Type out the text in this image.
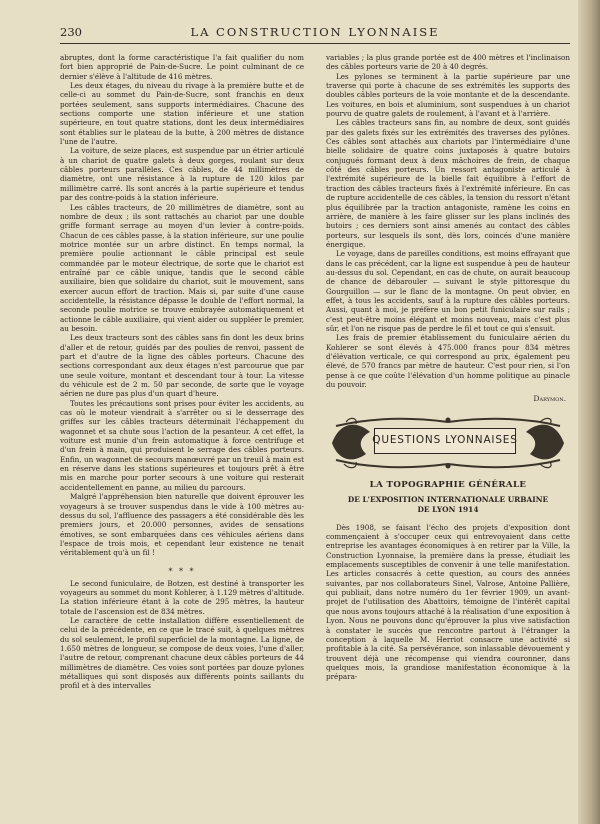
230	LA CONSTRUCTION LYONNAISE

abruptes, dont la forme caractéristique l'a fait qualifier du nom fort bien approprié de Pain-de-Sucre. Le point culminant de ce dernier s'élève à l'altitude de 416 mètres.

Les deux étages, du niveau du rivage à la première butte et de celle-ci au sommet du Pain-de-Sucre, sont franchis en deux portées seulement, sans supports intermédiaires. Chacune des sections comporte une station inférieure et une station supérieure, en tout quatre stations, dont les deux intermédiaires sont établies sur le plateau de la butte, à 200 mètres de distance l'une de l'autre.

La voiture, de seize places, est suspendue par un étrier articulé à un chariot de quatre galets à deux gorges, roulant sur deux câbles porteurs parallèles. Ces câbles, de 44 millimètres de diamètre, ont une résistance à la rupture de 120 kilos par millimètre carré. Ils sont ancrés à la partie supérieure et tendus par des contre-poids à la station inférieure.

Les câbles tracteurs, de 20 millimètres de diamètre, sont au nombre de deux ; ils sont rattachés au chariot par une double griffe formant serrage au moyen d'un levier à contre-poids. Chacun de ces câbles passe, à la station inférieure, sur une poulie motrice montée sur un arbre distinct. En temps normal, la première poulie actionnant le câble principal est seule commandée par le moteur électrique, de sorte que le chariot est entraîné par ce câble unique, tandis que le second câble auxiliaire, bien que solidaire du chariot, suit le mouvement, sans exercer aucun effort de traction. Mais si, par suite d'une cause accidentelle, la résistance dépasse le double de l'effort normal, la seconde poulie motrice se trouve embrayée automatiquement et actionne le câble auxiliaire, qui vient aider ou suppléer le premier, au besoin.

Les deux tracteurs sont des câbles sans fin dont les deux brins d'aller et de retour, guidés par des poulies de renvoi, passent de part et d'autre de la ligne des câbles porteurs. Chacune des sections correspondant aux deux étages n'est parcourue que par une seule voiture, montant et descendant tour à tour. La vitesse du véhicule est de 2 m. 50 par seconde, de sorte que le voyage aérien ne dure pas plus d'un quart d'heure.

Toutes les précautions sont prises pour éviter les accidents, au cas où le moteur viendrait à s'arrêter ou si le desserrage des griffes sur les câbles tracteurs déterminait l'échappement du wagonnet et sa chute sous l'action de la pesanteur. A cet effet, la voiture est munie d'un frein automatique à force centrifuge et d'un frein à main, qui produisent le serrage des câbles porteurs. Enfin, un wagonnet de secours manœuvré par un treuil à main est en réserve dans les stations supérieures et toujours prêt à être mis en marche pour porter secours à une voiture qui resterait accidentellement en panne, au milieu du parcours.

Malgré l'appréhension bien naturelle que doivent éprouver les voyageurs à se trouver suspendus dans le vide à 100 mètres au-dessus du sol, l'affluence des passagers a été considérable dès les premiers jours, et 20.000 personnes, avides de sensations émotives, se sont embarquées dans ces véhicules aériens dans l'espace de trois mois, et cependant leur existence ne tenait véritablement qu'à un fil !

* * *

Le second funiculaire, de Botzen, est destiné à transporter les voyageurs au sommet du mont Kohlerer, à 1.129 mètres d'altitude. La station inférieure étant à la cote de 295 mètres, la hauteur totale de l'ascension est de 834 mètres.

Le caractère de cette installation diffère essentiellement de celui de la précédente, en ce que le tracé suit, à quelques mètres du sol seulement, le profil superficiel de la montagne. La ligne, de 1.650 mètres de longueur, se compose de deux voies, l'une d'aller, l'autre de retour, comprenant chacune deux câbles porteurs de 44 millimètres de diamètre. Ces voies sont portées par douze pylones métalliques qui sont disposés aux différents points saillants du profil et à des intervalles

variables ; la plus grande portée est de 400 mètres et l'inclinaison des câbles porteurs varie de 20 à 40 degrés.

Les pylones se terminent à la partie supérieure par une traverse qui porte à chacune de ses extrémités les supports des doubles câbles porteurs de la voie montante et de la descendante. Les voitures, en bois et aluminium, sont suspendues à un chariot pourvu de quatre galets de roulement, à l'avant et à l'arrière.

Les câbles tracteurs sans fin, au nombre de deux, sont guidés par des galets fixés sur les extrémités des traverses des pylônes. Ces câbles sont attachés aux chariots par l'intermédiaire d'une bielle solidaire de quatre coins juxtaposés à quatre butoirs conjugués formant deux à deux mâchoires de frein, de chaque côté des câbles porteurs. Un ressort antagoniste articulé à l'extrémité supérieure de la bielle fait équilibre à l'effort de traction des câbles tracteurs fixés à l'extrémité inférieure. En cas de rupture accidentelle de ces câbles, la tension du ressort n'étant plus équilibrée par la traction antagoniste, ramène les coins en arrière, de manière à les faire glisser sur les plans inclinés des butoirs ; ces derniers sont ainsi amenés au contact des câbles porteurs, sur lesquels ils sont, dès lors, coincés d'une manière énergique.

Le voyage, dans de pareilles conditions, est moins effrayant que dans le cas précédent, car la ligne est suspendue à peu de hauteur au-dessus du sol. Cependant, en cas de chute, on aurait beaucoup de chance de débarouler — suivant le style pittoresque du Gourguillon — sur le flanc de la montagne. On peut obvier, en effet, à tous les accidents, sauf à la rupture des câbles porteurs. Aussi, quant à moi, je préfère un bon petit funiculaire sur rails ; c'est peut-être moins élégant et moins nouveau, mais c'est plus sûr, et l'on ne risque pas de perdre le fil et tout ce qui s'ensuit.

Les frais de premier établissement du funiculaire aérien du Kohlerer se sont élevés à 475.000 francs pour 834 mètres d'élévation verticale, ce qui correspond au prix, également peu élevé, de 570 francs par mètre de hauteur. C'est pour rien, si l'on pense à ce que coûte l'élévation d'un homme politique au pinacle du pouvoir.

Darymon.
QUESTIONS LYONNAISES
LA TOPOGRAPHIE GÉNÉRALE
DE L'EXPOSITION INTERNATIONALE URBAINE
DE LYON 1914

Dès 1908, se faisant l'écho des projets d'exposition dont commençaient à s'occuper ceux qui entrevoyaient dans cette entreprise les avantages économiques à en retirer par la Ville, la Construction Lyonnaise, la première dans la presse, étudiait les emplacements susceptibles de convenir à une telle manifestation. Les articles consacrés à cette question, au cours des années suivantes, par nos collaborateurs Sinel, Valrose, Antoine Pallière, qui publiait, dans notre numéro du 1er février 1909, un avant-projet de l'utilisation des Abattoirs, témoigne de l'intérêt capital que nous avons toujours attaché à la réalisation d'une exposition à Lyon. Nous ne pouvons donc qu'éprouver la plus vive satisfaction à constater le succès que rencontre partout à l'étranger la conception à laquelle M. Herriot consacre une activité si profitable à la cité. Sa persévérance, son inlassable dévouement y trouvent déjà une récompense qui viendra couronner, dans quelques mois, la grandiose manifestation économique à la prépara-
